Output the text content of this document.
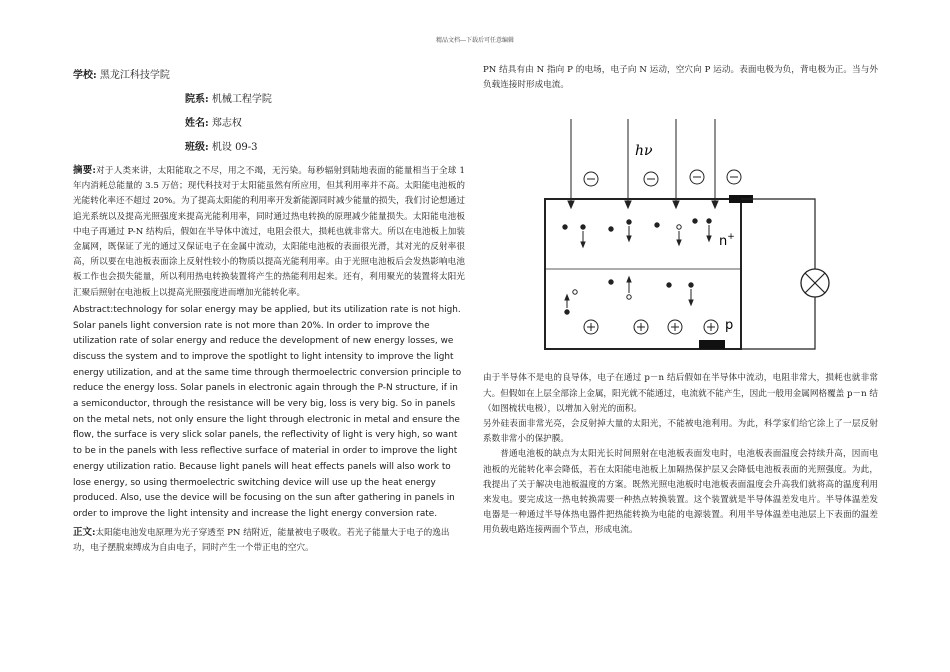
精品文档---下载后可任意编辑

学校: 黑龙江科技学院

院系: 机械工程学院

姓名: 郑志权

班级: 机设 09-3

摘要:对于人类来讲，太阳能取之不尽，用之不竭，无污染。每秒辐射到陆地表面的能量相当于全球 1 年内消耗总能量的 3.5 万倍；现代科技对于太阳能虽然有所应用，但其利用率并不高。太阳能电池板的光能转化率还不超过 20%。为了提高太阳能的利用率开发新能源同时减少能量的损失，我们讨论想通过追光系统以及提高光照强度来提高光能利用率，同时通过热电转换的原理减少能量损失。太阳能电池板中电子再通过 P-N 结构后，假如在半导体中流过，电阻会很大，损耗也就非常大。所以在电池板上加装金属网，既保证了光的通过又保证电子在金属中流动，太阳能电池板的表面很光滑，其对光的反射率很高，所以要在电池板表面涂上反射性较小的物质以提高光能利用率。由于光照电池板后会发热影响电池板工作也会损失能量，所以利用热电转换装置将产生的热能利用起来。还有，利用聚光的装置将太阳光汇聚后照射在电池板上以提高光照强度进而增加光能转化率。

Abstract:technology for solar energy may be applied, but its utilization rate is not high. Solar panels light conversion rate is not more than 20%. In order to improve the utilization rate of solar energy and reduce the development of new energy losses, we discuss the system and to improve the spotlight to light intensity to improve the light energy utilization, and at the same time through thermoelectric conversion principle to reduce the energy loss. Solar panels in electronic again through the P-N structure, if in a semiconductor, through the resistance will be very big, loss is very big. So in panels on the metal nets, not only ensure the light through electronic in metal and ensure the flow, the surface is very slick solar panels, the reflectivity of light is very high, so want to be in the panels with less reflective surface of material in order to improve the light energy utilization ratio. Because light panels will heat effects panels will also work to lose energy, so using thermoelectric switching device will use up the heat energy produced. Also, use the device will be focusing on the sun after gathering in panels in order to improve the light intensity and increase the light energy conversion rate.

正文:太阳能电池发电原理为光子穿透至 PN 结附近，能量被电子吸收。若光子能量大于电子的逸出功，电子摆脱束缚成为自由电子，同时产生一个带正电的空穴。

PN 结具有由 N 指向 P 的电场，电子向 N 运动，空穴向 P 运动。表面电极为负，背电极为正。当与外负载连接时形成电流。

hν
n+
p

由于半导体不是电的良导体，电子在通过 p－n 结后假如在半导体中流动，电阻非常大，损耗也就非常大。但假如在上层全部涂上金属，阳光就不能通过，电流就不能产生，因此一般用金属网格覆盖 p－n 结（如图梳状电极），以增加入射光的面积。

另外硅表面非常光亮，会反射掉大量的太阳光，不能被电池利用。为此，科学家们给它涂上了一层反射系数非常小的保护膜。

普通电池板的缺点为太阳光长时间照射在电池板表面发电时，电池板表面温度会持续升高，因而电池板的光能转化率会降低，若在太阳能电池板上加隔热保护层又会降低电池板表面的光照强度。为此，我提出了关于解决电池板温度的方案。既然光照电池板时电池板表面温度会升高我们就将高的温度利用来发电。要完成这一热电转换需要一种热点转换装置。这个装置就是半导体温差发电片。半导体温差发电器是一种通过半导体热电器件把热能转换为电能的电源装置。利用半导体温差电池层上下表面的温差用负载电路连接两面个节点，形成电流。
